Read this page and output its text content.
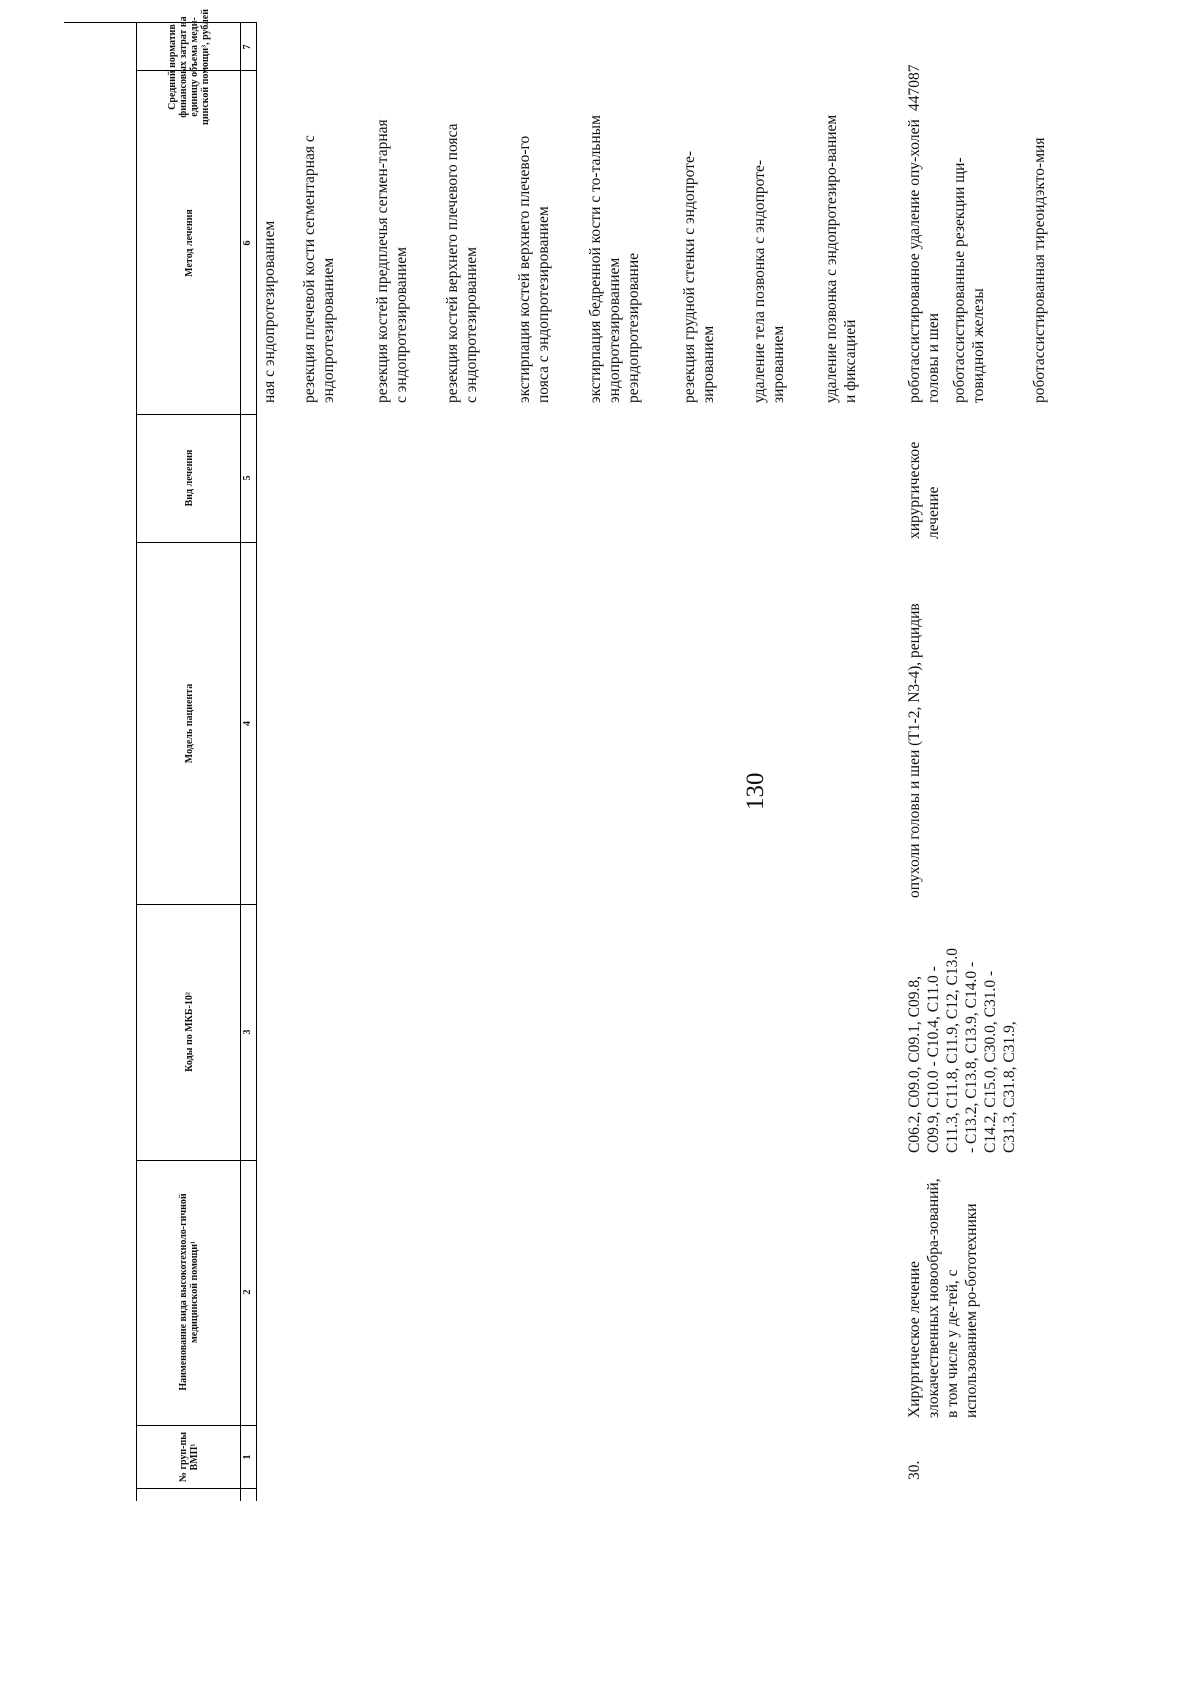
130
№ груп-пы ВМП¹
Наименование вида высокотехноло-гичной медицинской помощи¹
Коды по МКБ-10²
Модель пациента
Вид лечения
Метод лечения
Средний норматив финансовых затрат на единицу объема меди-цинской помощи³, рублей
1
2
3
4
5
6
7
ная с эндопротезированием резекция плечевой кости сегментарная с эндопротезированием резекция костей предплечья сегмен-тарная с эндопротезированием резекция костей верхнего плечевого пояса с эндопротезированием экстирпация костей верхнего плечево-го пояса с эндопротезированием экстирпация бедренной кости с то-тальным эндопротезированием реэндопротезирование	резекция грудной стенки с эндопроте-зированием удаление тела позвонка с эндопроте-зированием удаление позвонка с эндопротезиро-ванием и фиксацией
30.
Хирургическое лечение злокачественных новообра-зований, в том числе у де-тей, с использованием ро-бототехники
C06.2, C09.0, C09.1, C09.8, C09.9, C10.0 - C10.4, C11.0 - C11.3, C11.8, C11.9, C12, C13.0 - C13.2, C13.8, C13.9, C14.0 - C14.2, C15.0, C30.0, C31.0 - C31.3, C31.8, C31.9,
опухоли головы и шеи (T1-2, N3-4), рецидив
хирургическое лечение
роботассистированное удаление опу-холей головы и шеи роботассистированные резекции щи-товидной железы	роботассистированная тиреоидэкто-мия
447087
